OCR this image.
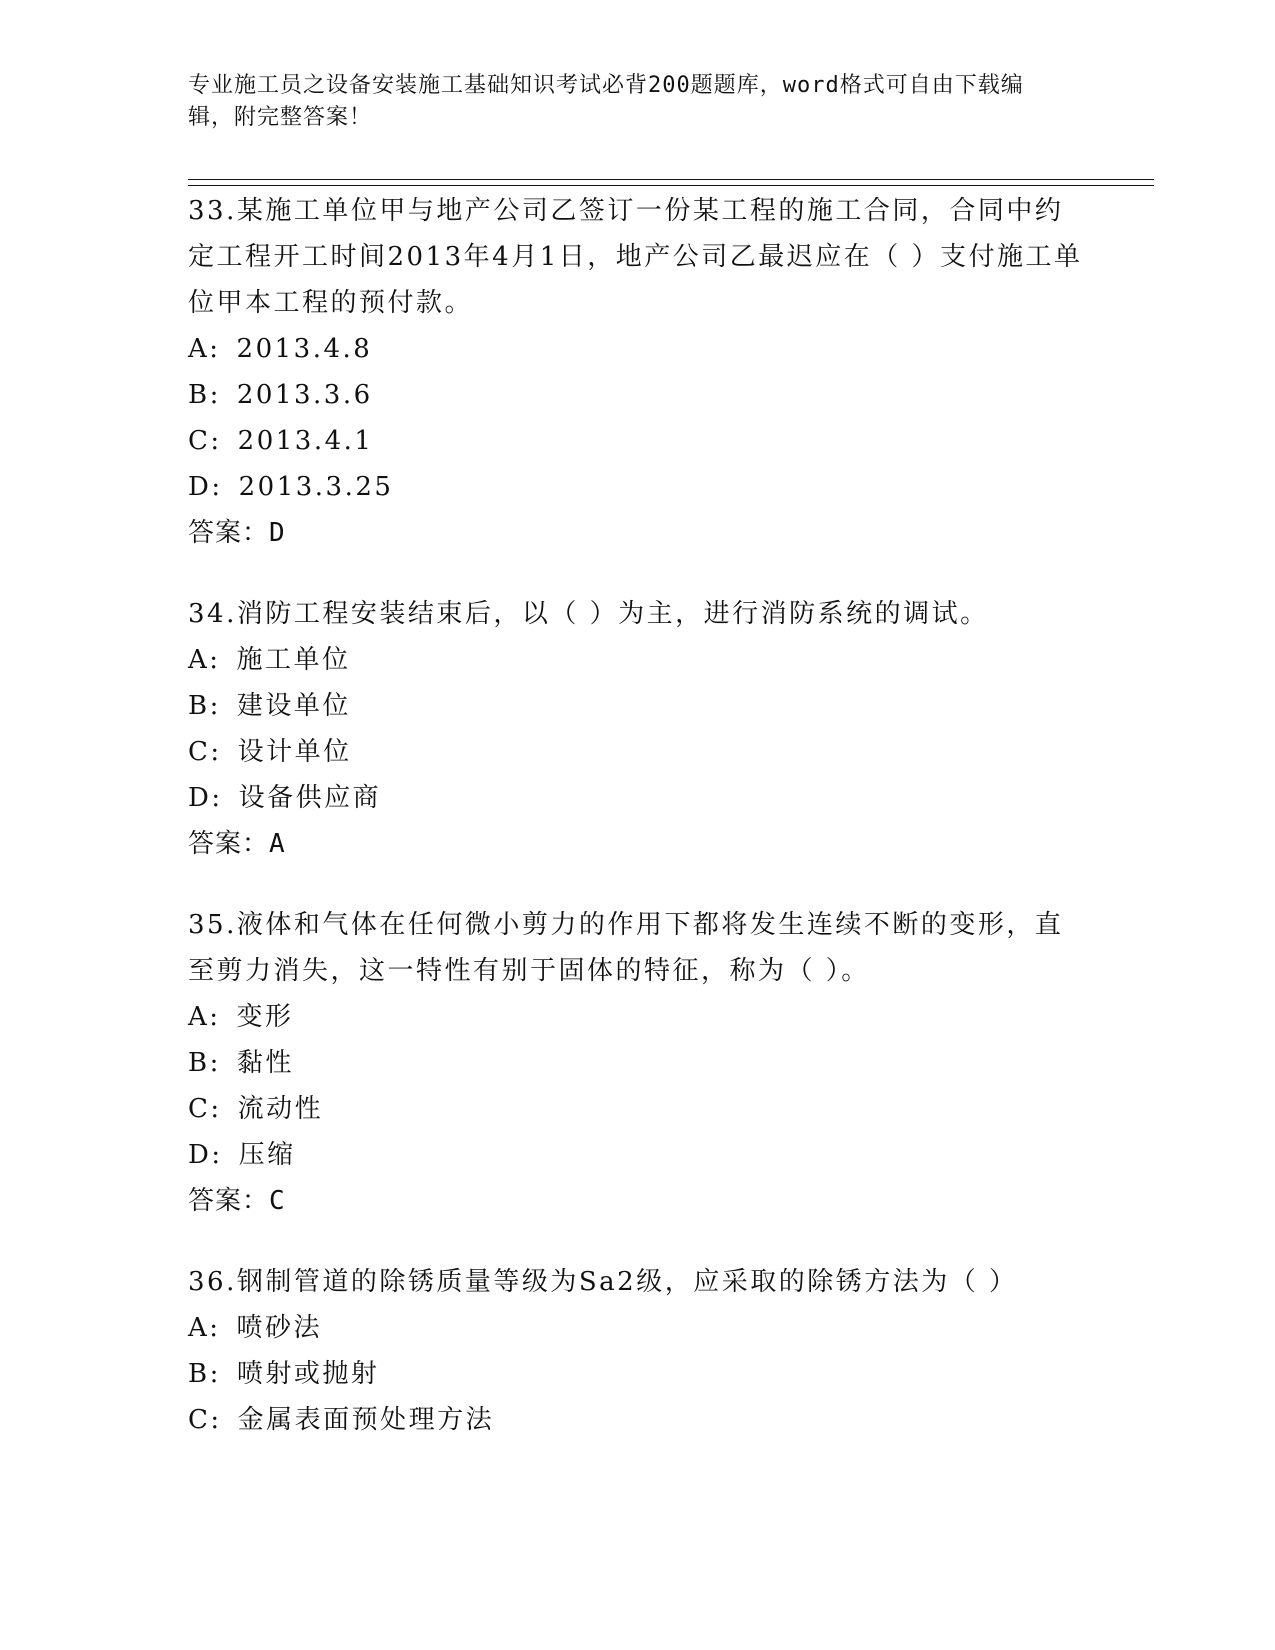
专业施工员之设备安装施工基础知识考试必背200题题库，word格式可自由下载编辑，附完整答案！
33.某施工单位甲与地产公司乙签订一份某工程的施工合同，合同中约定工程开工时间2013年4月1日，地产公司乙最迟应在（ ）支付施工单位甲本工程的预付款。
A: 2013.4.8
B: 2013.3.6
C: 2013.4.1
D: 2013.3.25
答案：D
34.消防工程安装结束后，以（ ）为主，进行消防系统的调试。
A: 施工单位
B: 建设单位
C: 设计单位
D: 设备供应商
答案：A
35.液体和气体在任何微小剪力的作用下都将发生连续不断的变形，直至剪力消失，这一特性有别于固体的特征，称为（ ）。
A: 变形
B: 黏性
C: 流动性
D: 压缩
答案：C
36.钢制管道的除锈质量等级为Sa2级，应采取的除锈方法为（ ）
A: 喷砂法
B: 喷射或抛射
C: 金属表面预处理方法
